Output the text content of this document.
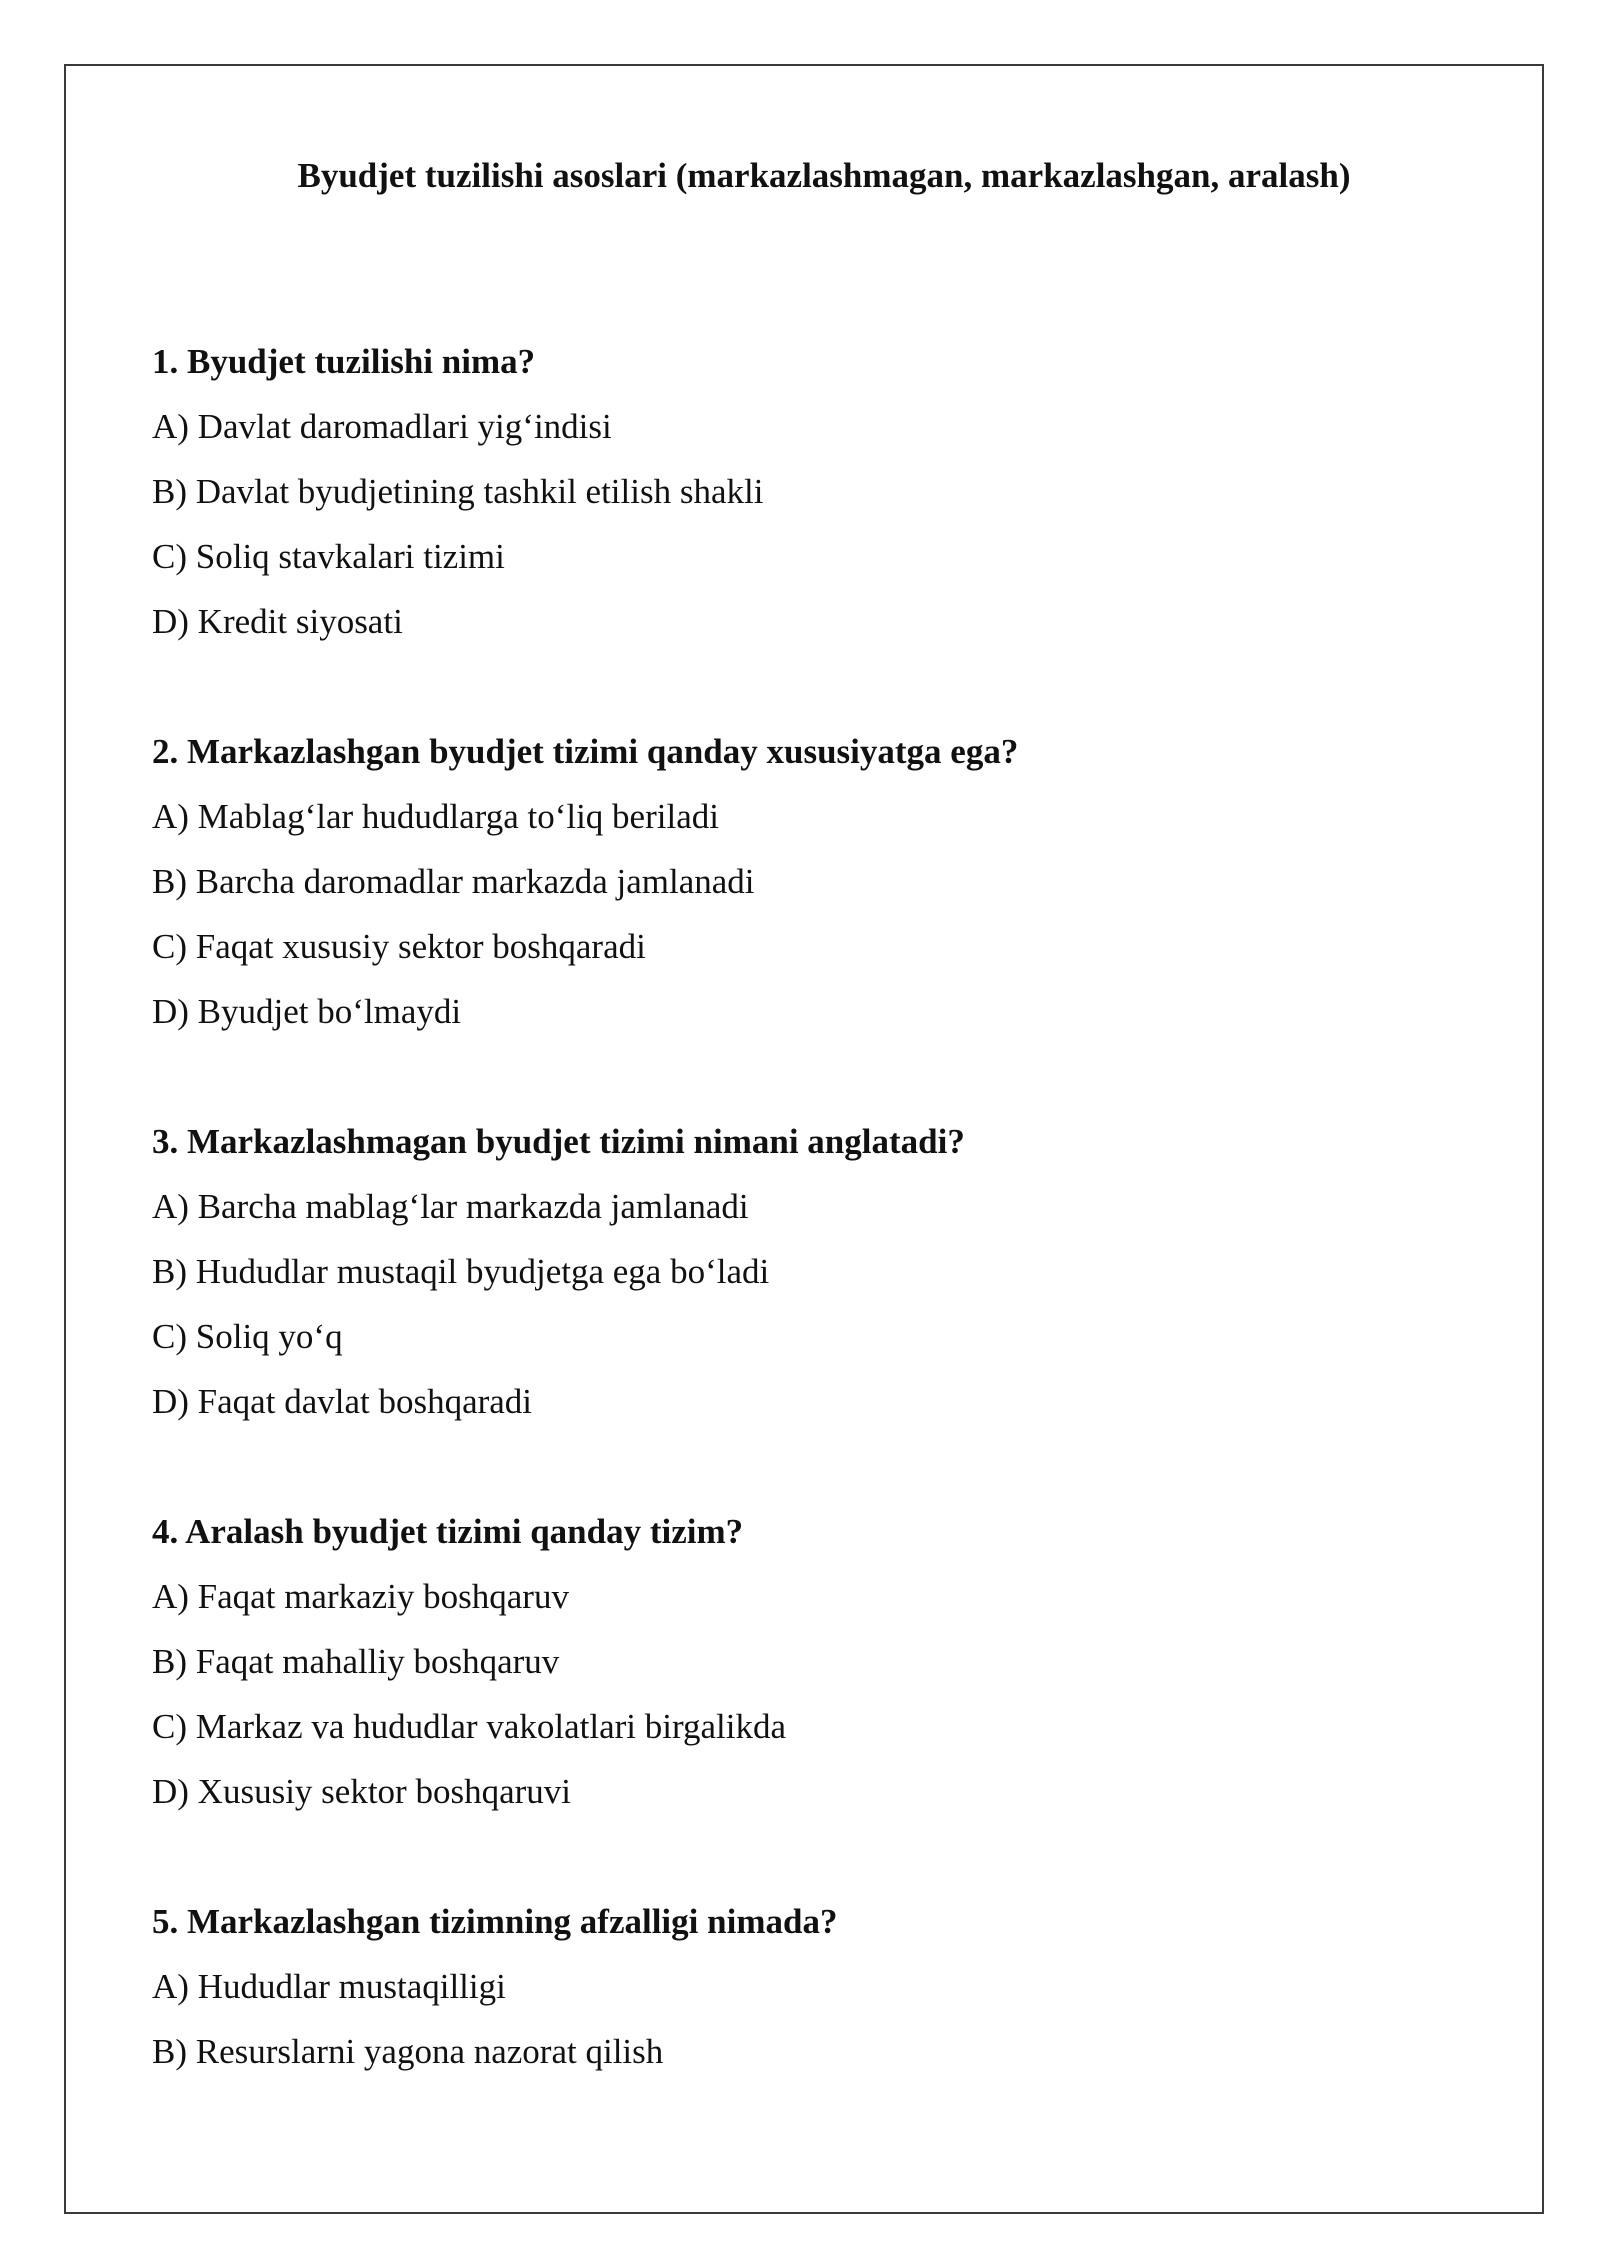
Byudjet tuzilishi asoslari (markazlashmagan, markazlashgan, aralash)
1. Byudjet tuzilishi nima?
A) Davlat daromadlari yig‘indisi
B) Davlat byudjetining tashkil etilish shakli
C) Soliq stavkalari tizimi
D) Kredit siyosati
2. Markazlashgan byudjet tizimi qanday xususiyatga ega?
A) Mablag‘lar hududlarga to‘liq beriladi
B) Barcha daromadlar markazda jamlanadi
C) Faqat xususiy sektor boshqaradi
D) Byudjet bo‘lmaydi
3. Markazlashmagan byudjet tizimi nimani anglatadi?
A) Barcha mablag‘lar markazda jamlanadi
B) Hududlar mustaqil byudjetga ega bo‘ladi
C) Soliq yo‘q
D) Faqat davlat boshqaradi
4. Aralash byudjet tizimi qanday tizim?
A) Faqat markaziy boshqaruv
B) Faqat mahalliy boshqaruv
C) Markaz va hududlar vakolatlari birgalikda
D) Xususiy sektor boshqaruvi
5. Markazlashgan tizimning afzalligi nimada?
A) Hududlar mustaqilligi
B) Resurslarni yagona nazorat qilish
